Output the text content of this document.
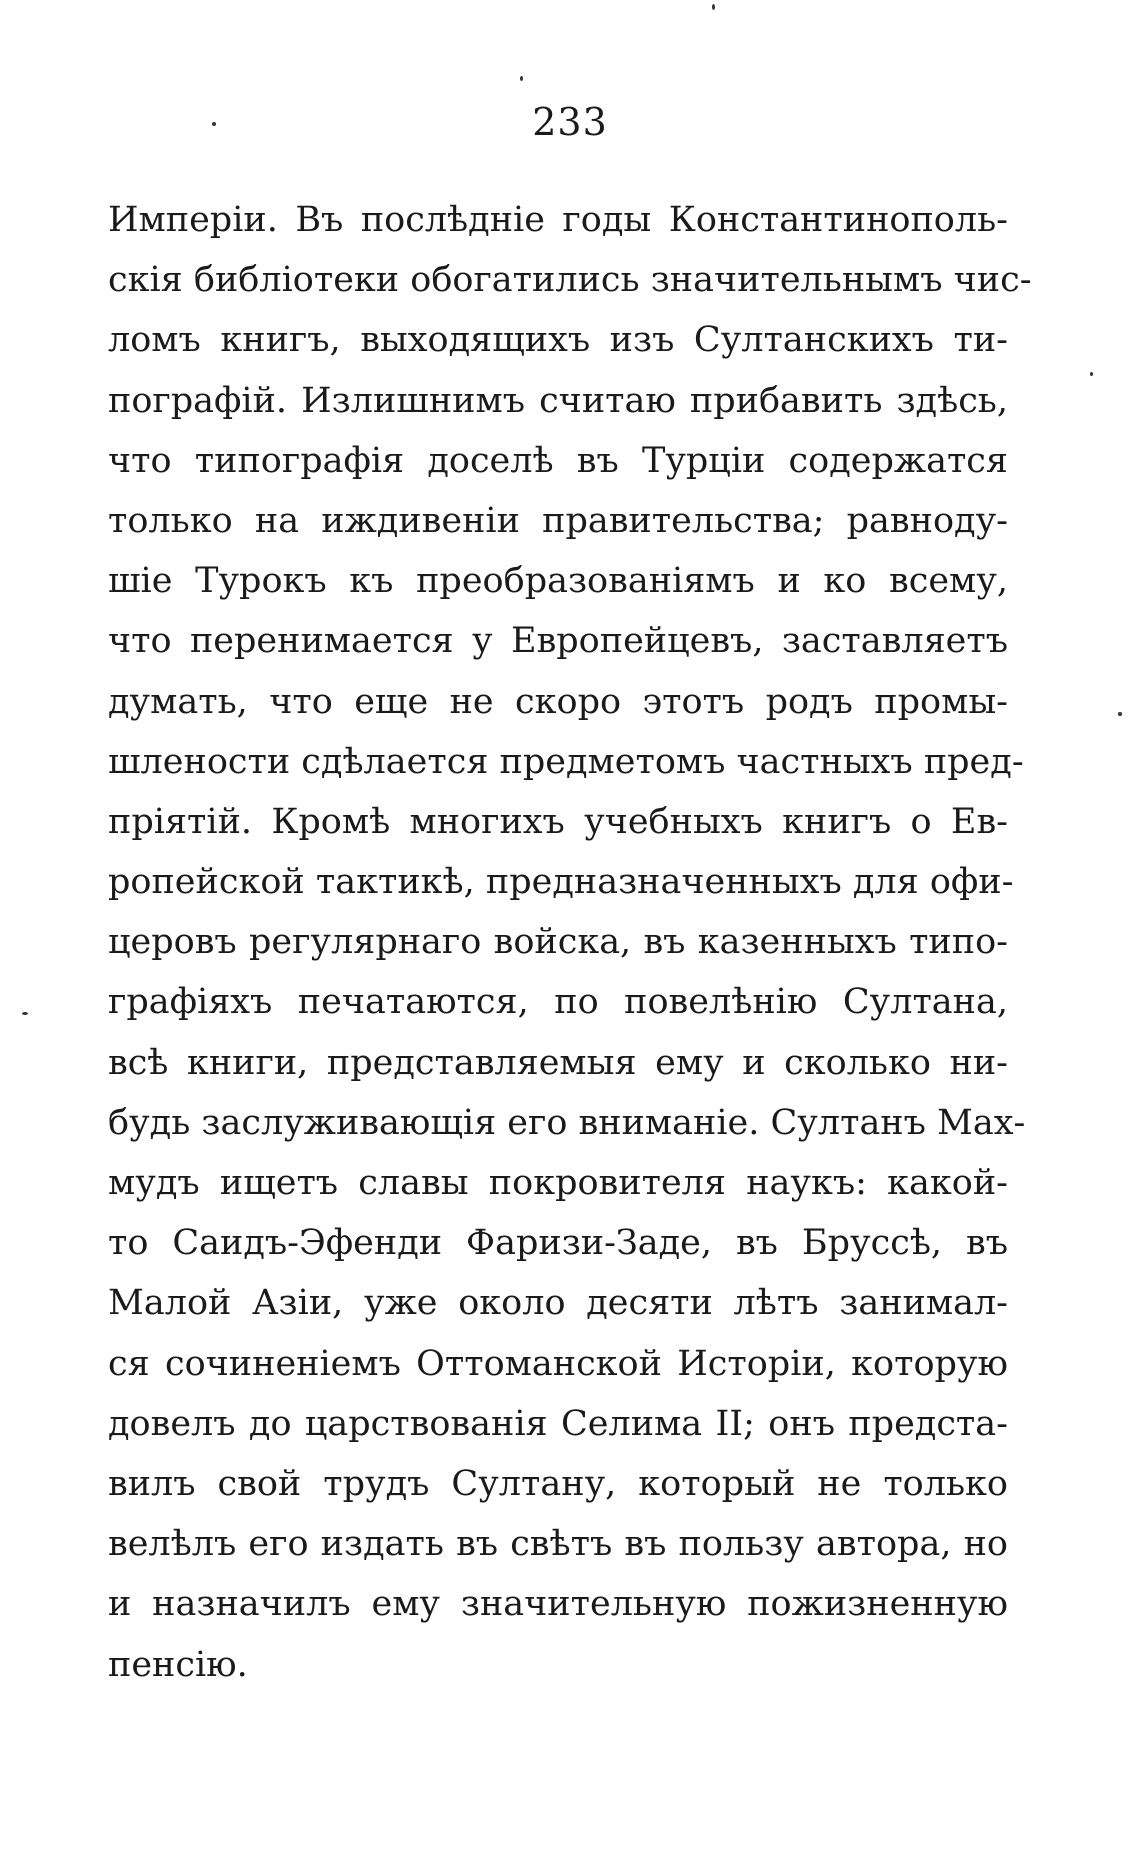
233
Имперіи. Въ послѣдніе годы Константинополь-
скія библіотеки обогатились значительнымъ чис-
ломъ книгъ, выходящихъ изъ Султанскихъ ти-
пографій. Излишнимъ считаю прибавить здѣсь,
что типографія доселѣ въ Турціи содержатся
только на иждивеніи правительства; равноду-
шіе Турокъ къ преобразованіямъ и ко всему,
что перенимается у Европейцевъ, заставляетъ
думать, что еще не скоро этотъ родъ промы-
шлености сдѣлается предметомъ частныхъ пред-
пріятій. Кромѣ многихъ учебныхъ книгъ о Ев-
ропейской тактикѣ, предназначенныхъ для офи-
церовъ регулярнаго войска, въ казенныхъ типо-
графіяхъ печатаются, по повелѣнію Султана,
всѣ книги, представляемыя ему и сколько ни-
будь заслуживающія его вниманіе. Султанъ Мах-
мудъ ищетъ славы покровителя наукъ: какой-
то Саидъ-Эфенди Фаризи-Заде, въ Бруссѣ, въ
Малой Азіи, уже около десяти лѣтъ занимал-
ся сочиненіемъ Оттоманской Исторіи, которую
довелъ до царствованія Селима II; онъ предста-
вилъ свой трудъ Султану, который не только
велѣлъ его издать въ свѣтъ въ пользу автора, но
и назначилъ ему значительную пожизненную
пенсію.
